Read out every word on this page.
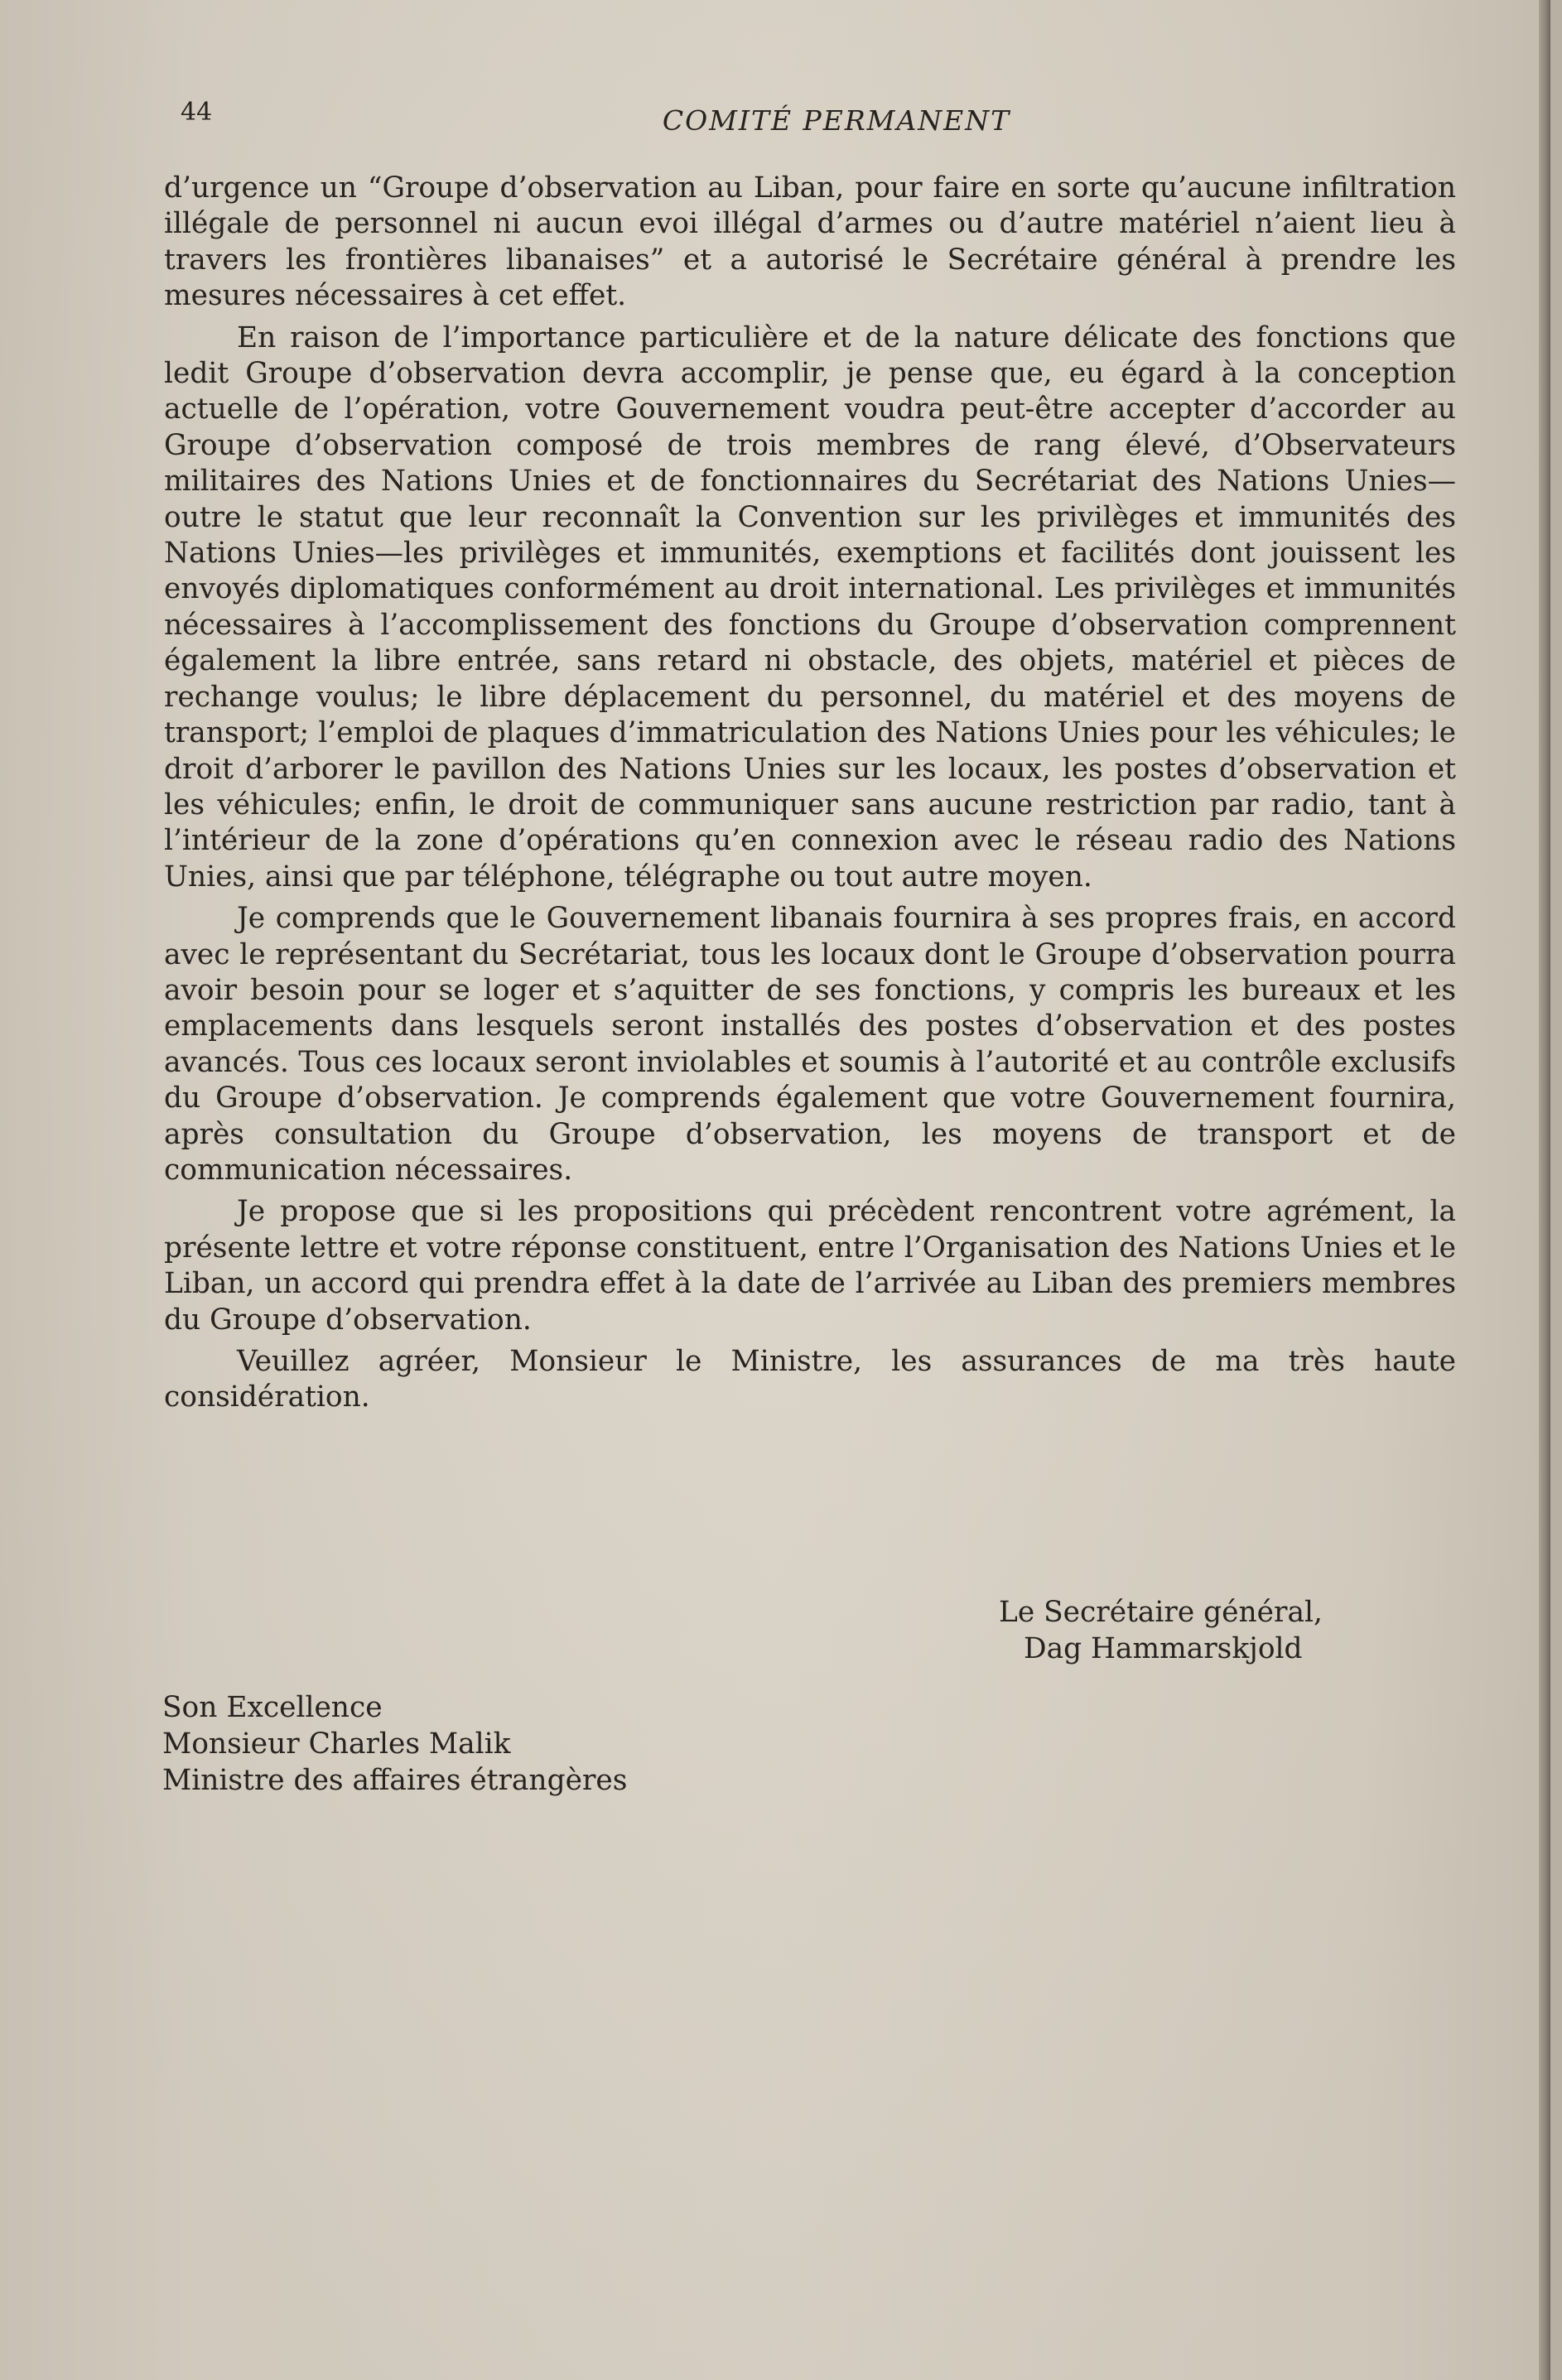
44	COMITÉ PERMANENT

d’urgence un “Groupe d’observation au Liban, pour faire en sorte qu’aucune infiltration illégale de personnel ni aucun evoi illégal d’armes ou d’autre matériel n’aient lieu à travers les frontières libanaises” et a autorisé le Secrétaire général à prendre les mesures nécessaires à cet effet.

En raison de l’importance particulière et de la nature délicate des fonctions que ledit Groupe d’observation devra accomplir, je pense que, eu égard à la conception actuelle de l’opération, votre Gouvernement voudra peut-être accepter d’accorder au Groupe d’observation composé de trois membres de rang élevé, d’Observateurs militaires des Nations Unies et de fonctionnaires du Secrétariat des Nations Unies—outre le statut que leur reconnaît la Convention sur les privilèges et immunités des Nations Unies—les privilèges et immunités, exemptions et facilités dont jouissent les envoyés diplomatiques conformément au droit international. Les privilèges et immunités nécessaires à l’accomplissement des fonctions du Groupe d’observation comprennent également la libre entrée, sans retard ni obstacle, des objets, matériel et pièces de rechange voulus; le libre déplacement du personnel, du matériel et des moyens de transport; l’emploi de plaques d’immatriculation des Nations Unies pour les véhicules; le droit d’arborer le pavillon des Nations Unies sur les locaux, les postes d’observation et les véhicules; enfin, le droit de communiquer sans aucune restriction par radio, tant à l’intérieur de la zone d’opérations qu’en connexion avec le réseau radio des Nations Unies, ainsi que par téléphone, télégraphe ou tout autre moyen.

Je comprends que le Gouvernement libanais fournira à ses propres frais, en accord avec le représentant du Secrétariat, tous les locaux dont le Groupe d’observation pourra avoir besoin pour se loger et s’aquitter de ses fonctions, y compris les bureaux et les emplacements dans lesquels seront installés des postes d’observation et des postes avancés. Tous ces locaux seront inviolables et soumis à l’autorité et au contrôle exclusifs du Groupe d’observation. Je comprends également que votre Gouvernement fournira, après consultation du Groupe d’observation, les moyens de transport et de communication nécessaires.

Je propose que si les propositions qui précèdent rencontrent votre agrément, la présente lettre et votre réponse constituent, entre l’Organisation des Nations Unies et le Liban, un accord qui prendra effet à la date de l’arrivée au Liban des premiers membres du Groupe d’observation.

Veuillez agréer, Monsieur le Ministre, les assurances de ma très haute considération.

Le Secrétaire général,
Dag Hammarskjold
Son Excellence
Monsieur Charles Malik
Ministre des affaires étrangères
